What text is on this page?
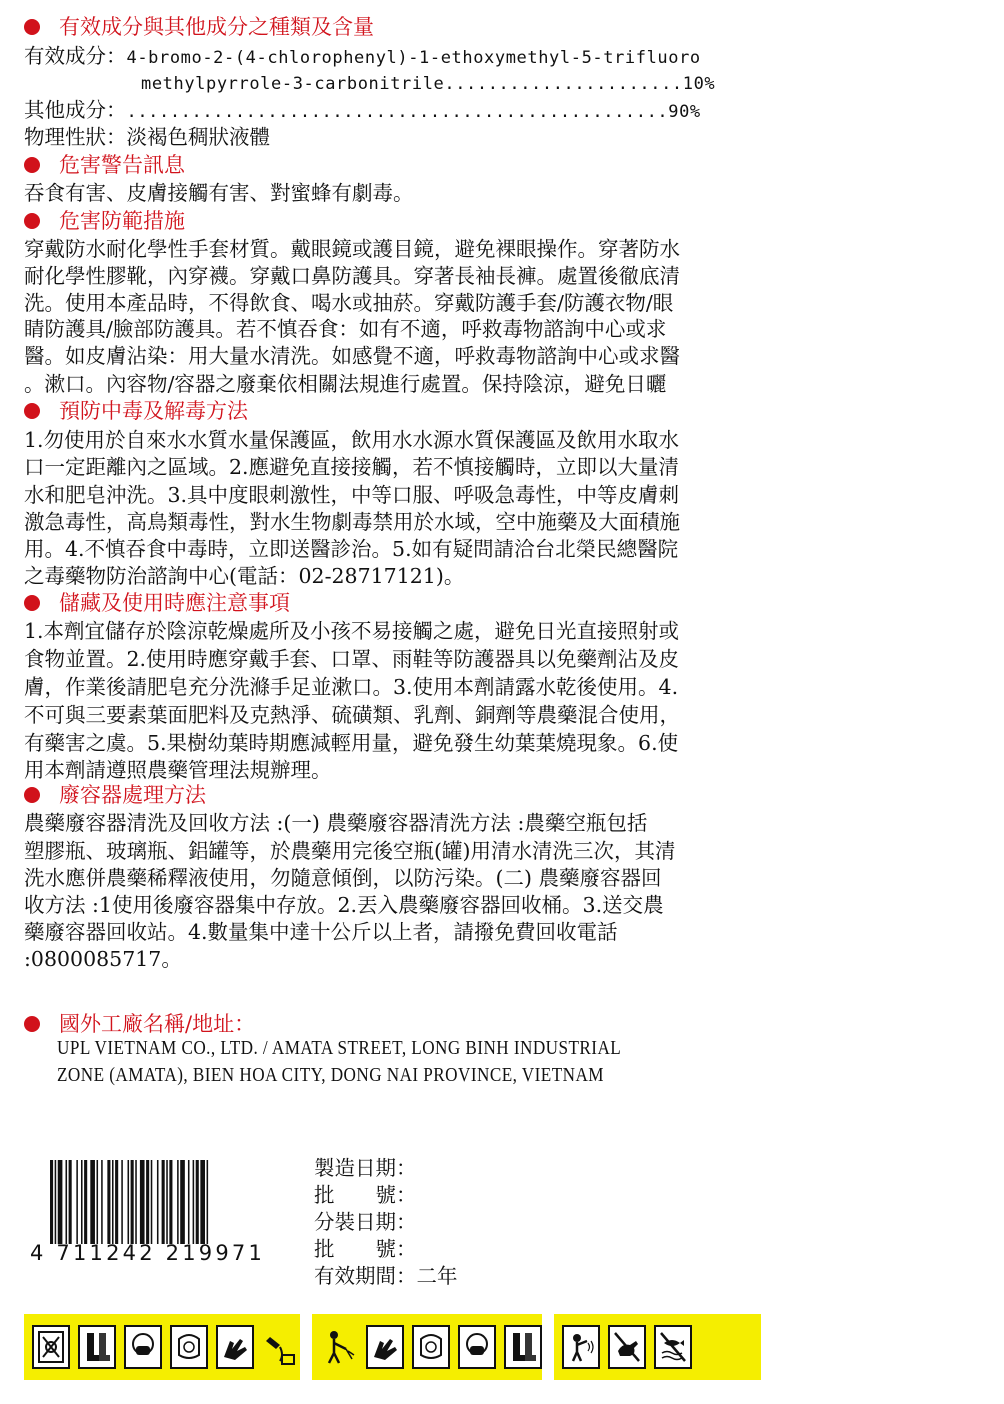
有效成分與其他成分之種類及含量
有效成分：4-bromo-2-(4-chlorophenyl)-1-ethoxymethyl-5-trifluoro
methylpyrrole-3-carbonitrile......................10%
其他成分：..................................................90%
物理性狀：淡褐色稠狀液體
危害警告訊息
吞食有害、皮膚接觸有害、對蜜蜂有劇毒。
危害防範措施
穿戴防水耐化學性手套材質。戴眼鏡或護目鏡，避免裸眼操作。穿著防水
耐化學性膠靴，內穿襪。穿戴口鼻防護具。穿著長袖長褲。處置後徹底清
洗。使用本產品時，不得飲食、喝水或抽菸。穿戴防護手套/防護衣物/眼
睛防護具/臉部防護具。若不慎吞食：如有不適，呼救毒物諮詢中心或求
醫。如皮膚沾染：用大量水清洗。如感覺不適，呼救毒物諮詢中心或求醫
。漱口。內容物/容器之廢棄依相關法規進行處置。保持陰涼，避免日曬
預防中毒及解毒方法
1.勿使用於自來水水質水量保護區，飲用水水源水質保護區及飲用水取水
口一定距離內之區域。2.應避免直接接觸，若不慎接觸時，立即以大量清
水和肥皂沖洗。3.具中度眼刺激性，中等口服、呼吸急毒性，中等皮膚刺
激急毒性，高鳥類毒性，對水生物劇毒禁用於水域，空中施藥及大面積施
用。4.不慎吞食中毒時，立即送醫診治。5.如有疑問請洽台北榮民總醫院
之毒藥物防治諮詢中心(電話：02-28717121)。
儲藏及使用時應注意事項
1.本劑宜儲存於陰涼乾燥處所及小孩不易接觸之處，避免日光直接照射或
食物並置。2.使用時應穿戴手套、口罩、雨鞋等防護器具以免藥劑沾及皮
膚，作業後請肥皂充分洗滌手足並漱口。3.使用本劑請露水乾後使用。4.
不可與三要素葉面肥料及克熱淨、硫磺類、乳劑、銅劑等農藥混合使用，
有藥害之虞。5.果樹幼葉時期應減輕用量，避免發生幼葉葉燒現象。6.使
用本劑請遵照農藥管理法規辦理。
廢容器處理方法
農藥廢容器清洗及回收方法 :(一) 農藥廢容器清洗方法 :農藥空瓶包括
塑膠瓶、玻璃瓶、鋁罐等，於農藥用完後空瓶(罐)用清水清洗三次，其清
洗水應併農藥稀釋液使用，勿隨意傾倒，以防污染。(二) 農藥廢容器回
收方法 :1使用後廢容器集中存放。2.丟入農藥廢容器回收桶。3.送交農
藥廢容器回收站。4.數量集中達十公斤以上者，請撥免費回收電話
:0800085717。
國外工廠名稱/地址：
UPL VIETNAM CO., LTD. / AMATA STREET, LONG BINH INDUSTRIAL
ZONE (AMATA), BIEN HOA CITY, DONG NAI PROVINCE, VIETNAM
4 711242 219971
製造日期：
批　　號：
分裝日期：
批　　號：
有效期間：二年
